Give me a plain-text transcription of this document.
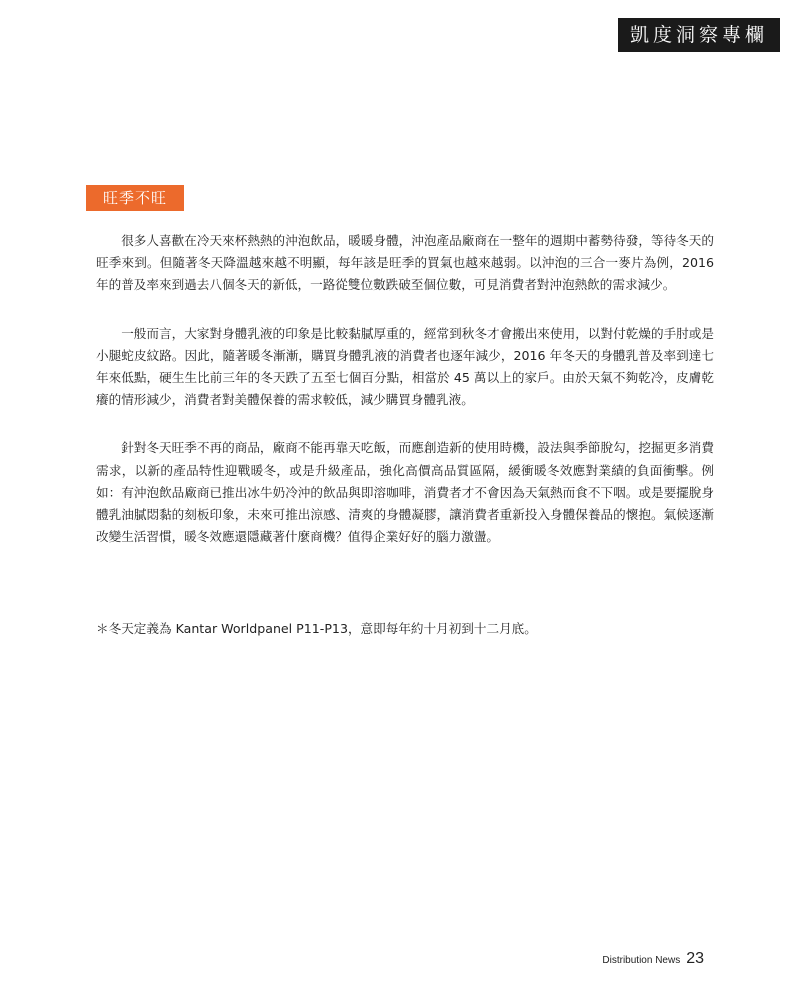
凱度洞察專欄
旺季不旺

很多人喜歡在冷天來杯熱熱的沖泡飲品，暖暖身體，沖泡產品廠商在一整年的週期中蓄勢待發，等待冬天的旺季來到。但隨著冬天降溫越來越不明顯，每年該是旺季的買氣也越來越弱。以沖泡的三合一麥片為例，2016 年的普及率來到過去八個冬天的新低，一路從雙位數跌破至個位數，可見消費者對沖泡熱飲的需求減少。

一般而言，大家對身體乳液的印象是比較黏膩厚重的，經常到秋冬才會搬出來使用，以對付乾燥的手肘或是小腿蛇皮紋路。因此，隨著暖冬漸漸，購買身體乳液的消費者也逐年減少，2016 年冬天的身體乳普及率到達七年來低點，硬生生比前三年的冬天跌了五至七個百分點，相當於 45 萬以上的家戶。由於天氣不夠乾冷，皮膚乾癢的情形減少，消費者對美體保養的需求較低，減少購買身體乳液。

針對冬天旺季不再的商品，廠商不能再靠天吃飯，而應創造新的使用時機，設法與季節脫勾，挖掘更多消費需求，以新的產品特性迎戰暖冬，或是升級產品，強化高價高品質區隔，緩衝暖冬效應對業績的負面衝擊。例如：有沖泡飲品廠商已推出冰牛奶冷沖的飲品與即溶咖啡，消費者才不會因為天氣熱而食不下咽。或是要擺脫身體乳油膩悶黏的刻板印象，未來可推出涼感、清爽的身體凝膠，讓消費者重新投入身體保養品的懷抱。氣候逐漸改變生活習慣，暖冬效應還隱藏著什麼商機？值得企業好好的腦力激盪。

＊冬天定義為 Kantar Worldpanel P11-P13，意即每年約十月初到十二月底。
Distribution News 23
